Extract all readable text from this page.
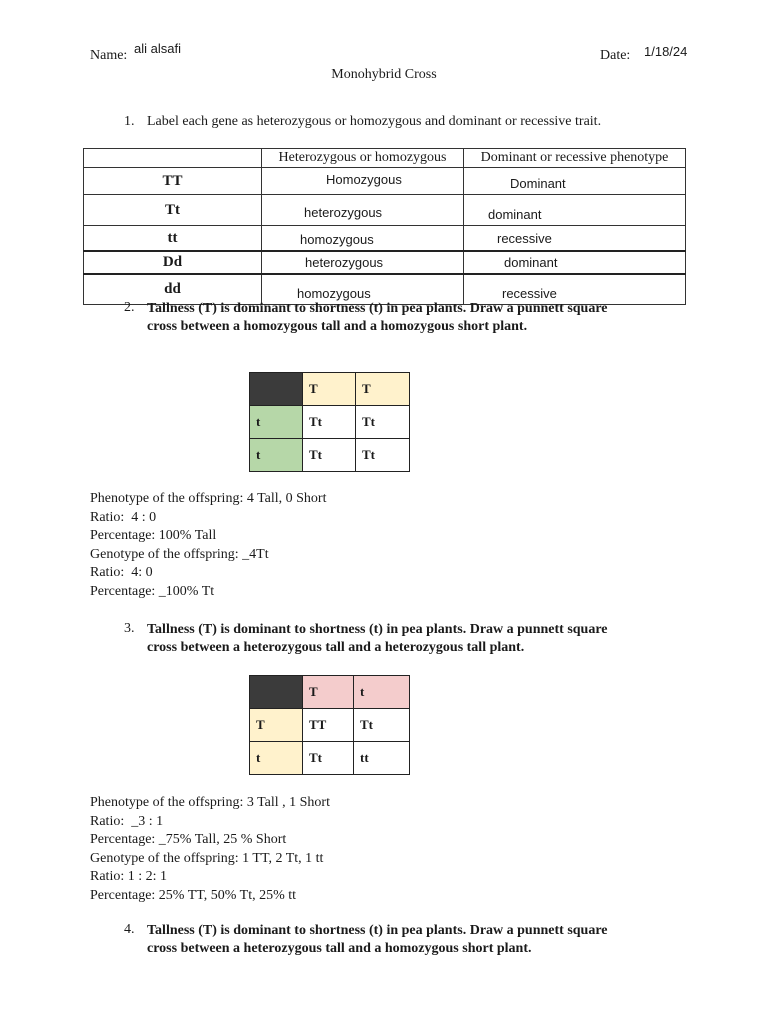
Name: ali alsafi	Date: 1/18/24
Monohybrid Cross
1. Label each gene as heterozygous or homozygous and dominant or recessive trait.
	Heterozygous or homozygous	Dominant or recessive phenotype
TT	Homozygous	Dominant
Tt	heterozygous	dominant
tt	homozygous	recessive
Dd	heterozygous	dominant
dd	homozygous	recessive
2. Tallness (T) is dominant to shortness (t) in pea plants. Draw a punnett square
cross between a homozygous tall and a homozygous short plant.
	T	T
t	Tt	Tt
t	Tt	Tt
Phenotype of the offspring: 4 Tall, 0 Short
Ratio:  4 : 0
Percentage: 100% Tall
Genotype of the offspring: _4Tt
Ratio:  4: 0
Percentage: _100% Tt
3. Tallness (T) is dominant to shortness (t) in pea plants. Draw a punnett square
cross between a heterozygous tall and a heterozygous tall plant.
	T	t
T	TT	Tt
t	Tt	tt
Phenotype of the offspring: 3 Tall , 1 Short
Ratio:  _3 : 1
Percentage: _75% Tall, 25 % Short
Genotype of the offspring: 1 TT, 2 Tt, 1 tt
Ratio: 1 : 2: 1
Percentage: 25% TT, 50% Tt, 25% tt
4. Tallness (T) is dominant to shortness (t) in pea plants. Draw a punnett square
cross between a heterozygous tall and a homozygous short plant.
